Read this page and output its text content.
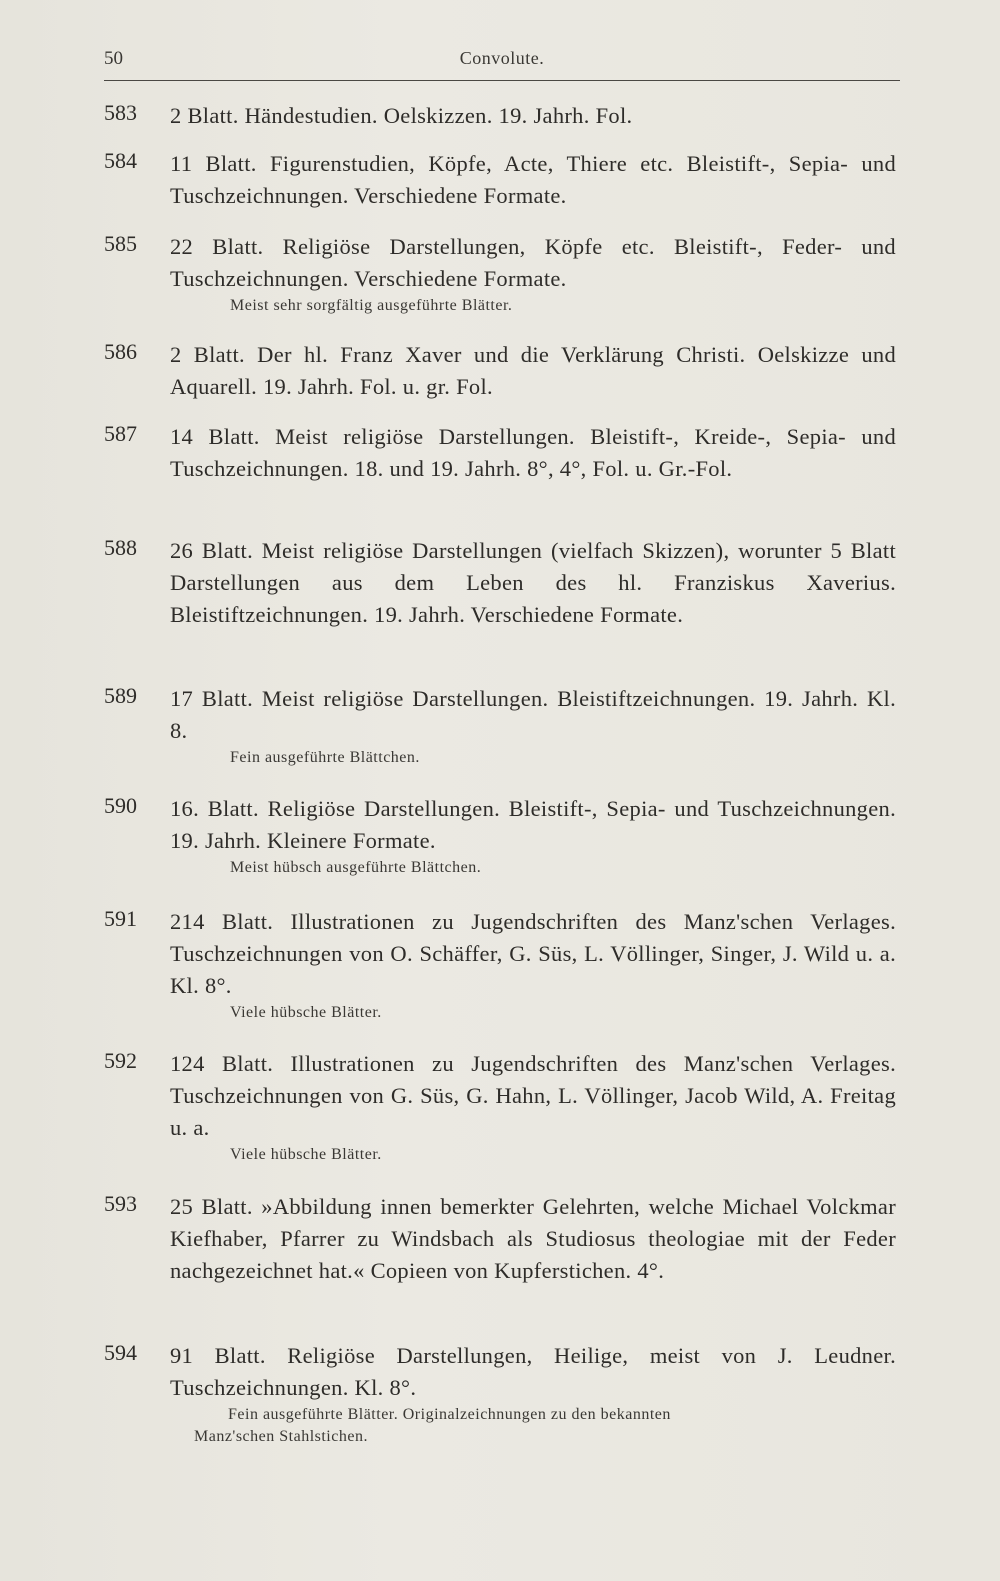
50	Convolute.
583 2 Blatt. Händestudien. Oelskizzen. 19. Jahrh. Fol.
584 11 Blatt. Figurenstudien, Köpfe, Acte, Thiere etc. Bleistift-, Sepia- und Tuschzeichnungen. Verschiedene Formate.
585 22 Blatt. Religiöse Darstellungen, Köpfe etc. Bleistift-, Feder- und Tuschzeichnungen. Verschiedene Formate.
Meist sehr sorgfältig ausgeführte Blätter.
586 2 Blatt. Der hl. Franz Xaver und die Verklärung Christi. Oelskizze und Aquarell. 19. Jahrh. Fol. u. gr. Fol.
587 14 Blatt. Meist religiöse Darstellungen. Bleistift-, Kreide-, Sepia- und Tuschzeichnungen. 18. und 19. Jahrh. 8°, 4°, Fol. u. Gr.-Fol.
588 26 Blatt. Meist religiöse Darstellungen (vielfach Skizzen), worunter 5 Blatt Darstellungen aus dem Leben des hl. Franziskus Xaverius. Bleistiftzeichnungen. 19. Jahrh. Verschiedene Formate.
589 17 Blatt. Meist religiöse Darstellungen. Bleistiftzeichnungen. 19. Jahrh. Kl. 8.
Fein ausgeführte Blättchen.
590 16. Blatt. Religiöse Darstellungen. Bleistift-, Sepia- und Tuschzeichnungen. 19. Jahrh. Kleinere Formate.
Meist hübsch ausgeführte Blättchen.
591 214 Blatt. Illustrationen zu Jugendschriften des Manz'schen Verlages. Tuschzeichnungen von O. Schäffer, G. Süs, L. Völlinger, Singer, J. Wild u. a. Kl. 8°.
Viele hübsche Blätter.
592 124 Blatt. Illustrationen zu Jugendschriften des Manz'schen Verlages. Tuschzeichnungen von G. Süs, G. Hahn, L. Völlinger, Jacob Wild, A. Freitag u. a.
Viele hübsche Blätter.
593 25 Blatt. »Abbildung innen bemerkter Gelehrten, welche Michael Volckmar Kiefhaber, Pfarrer zu Windsbach als Studiosus theologiae mit der Feder nachgezeichnet hat.« Copieen von Kupferstichen. 4°.
594 91 Blatt. Religiöse Darstellungen, Heilige, meist von J. Leudner. Tuschzeichnungen. Kl. 8°.
Fein ausgeführte Blätter. Originalzeichnungen zu den bekannten
Manz'schen Stahlstichen.
